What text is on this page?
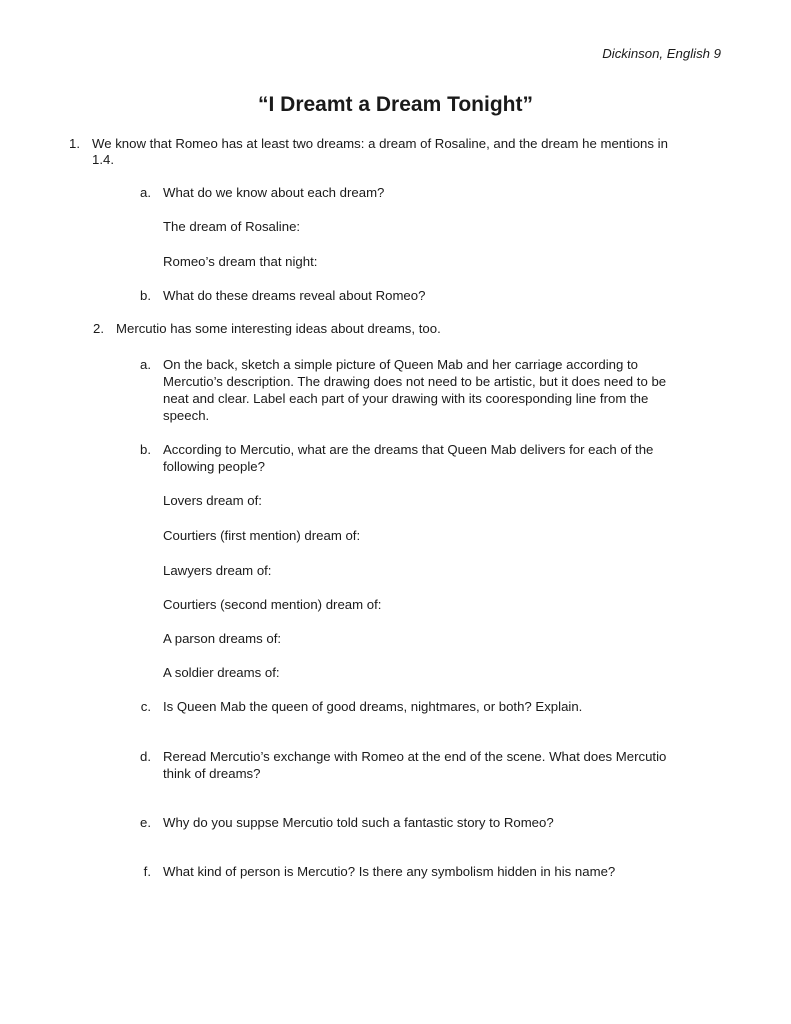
Dickinson, English 9
“I Dreamt a Dream Tonight”
1. We know that Romeo has at least two dreams: a dream of Rosaline, and the dream he mentions in
1.4.
a. What do we know about each dream?
The dream of Rosaline:
Romeo’s dream that night:
b. What do these dreams reveal about Romeo?
2. Mercutio has some interesting ideas about dreams, too.
a. On the back, sketch a simple picture of Queen Mab and her carriage according to
Mercutio’s description. The drawing does not need to be artistic, but it does need to be
neat and clear. Label each part of your drawing with its cooresponding line from the
speech.
b. According to Mercutio, what are the dreams that Queen Mab delivers for each of the
following people?
Lovers dream of:
Courtiers (first mention) dream of:
Lawyers dream of:
Courtiers (second mention) dream of:
A parson dreams of:
A soldier dreams of:
c. Is Queen Mab the queen of good dreams, nightmares, or both? Explain.
d. Reread Mercutio’s exchange with Romeo at the end of the scene. What does Mercutio
think of dreams?
e. Why do you suppse Mercutio told such a fantastic story to Romeo?
f. What kind of person is Mercutio? Is there any symbolism hidden in his name?
